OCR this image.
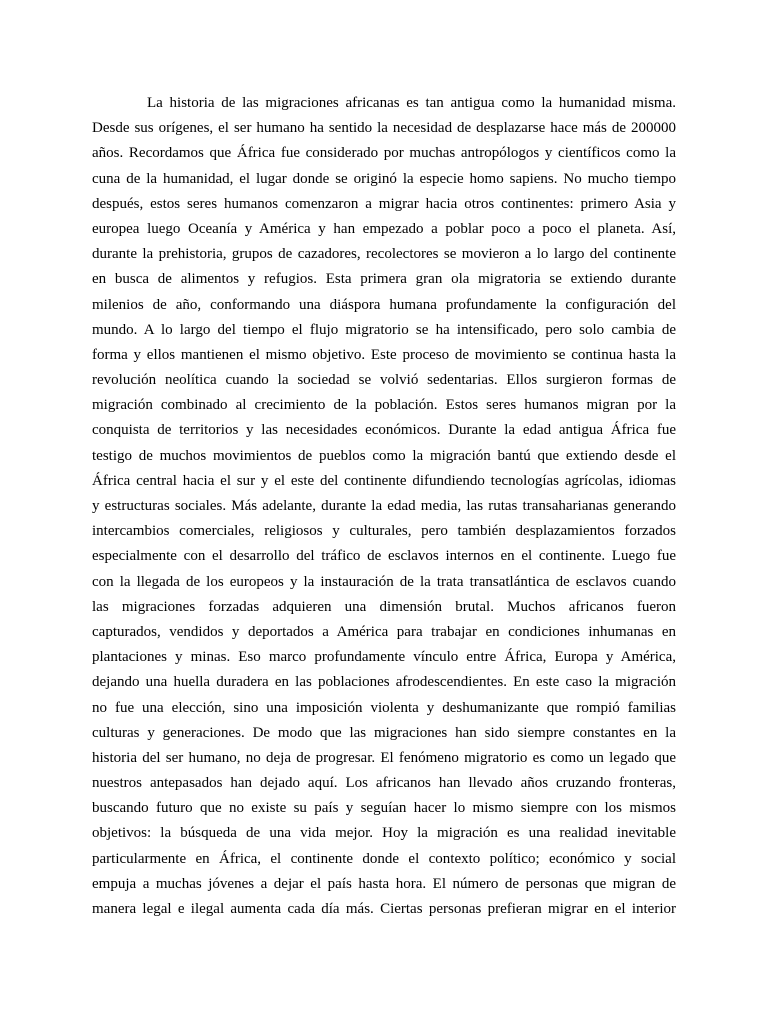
La historia de las migraciones africanas es tan antigua como la humanidad misma.
Desde sus orígenes, el ser humano ha sentido la necesidad de desplazarse hace más de 200000
años. Recordamos que África fue considerado por muchas antropólogos y científicos como la
cuna de la humanidad, el lugar donde se originó la especie homo sapiens. No mucho tiempo
después, estos seres humanos comenzaron a migrar hacia otros continentes: primero Asia y
europea luego Oceanía y América y han empezado a poblar poco a poco el planeta. Así,
durante la prehistoria, grupos de cazadores, recolectores se movieron a lo largo del continente
en busca de alimentos y refugios. Esta primera gran ola migratoria se extiendo durante
milenios de año, conformando una diáspora humana profundamente la configuración del
mundo. A lo largo del tiempo el flujo migratorio se ha intensificado, pero solo cambia de
forma y ellos mantienen el mismo objetivo. Este proceso de movimiento se continua hasta la
revolución neolítica cuando la sociedad se volvió sedentarias. Ellos surgieron formas de
migración combinado al crecimiento de la población. Estos seres humanos migran por la
conquista de territorios y las necesidades económicos. Durante la edad antigua África fue
testigo de muchos movimientos de pueblos como la migración bantú que extiendo desde el
África central hacia el sur y el este del continente difundiendo tecnologías agrícolas, idiomas
y estructuras sociales. Más adelante, durante la edad media, las rutas transaharianas generando
intercambios comerciales, religiosos y culturales, pero también desplazamientos forzados
especialmente con el desarrollo del tráfico de esclavos internos en el continente. Luego fue
con la llegada de los europeos y la instauración de la trata transatlántica de esclavos cuando
las migraciones forzadas adquieren una dimensión brutal. Muchos africanos fueron
capturados, vendidos y deportados a América para trabajar en condiciones inhumanas en
plantaciones y minas. Eso marco profundamente vínculo entre África, Europa y América,
dejando una huella duradera en las poblaciones afrodescendientes. En este caso la migración
no fue una elección, sino una imposición violenta y deshumanizante que rompió familias
culturas y generaciones. De modo que las migraciones han sido siempre constantes en la
historia del ser humano, no deja de progresar. El fenómeno migratorio es como un legado que
nuestros antepasados han dejado aquí. Los africanos han llevado años cruzando fronteras,
buscando futuro que no existe su país y seguían hacer lo mismo siempre con los mismos
objetivos: la búsqueda de una vida mejor. Hoy la migración es una realidad inevitable
particularmente en África, el continente donde el contexto político; económico y social
empuja a muchas jóvenes a dejar el país hasta hora. El número de personas que migran de
manera legal e ilegal aumenta cada día más. Ciertas personas prefieran migrar en el interior
